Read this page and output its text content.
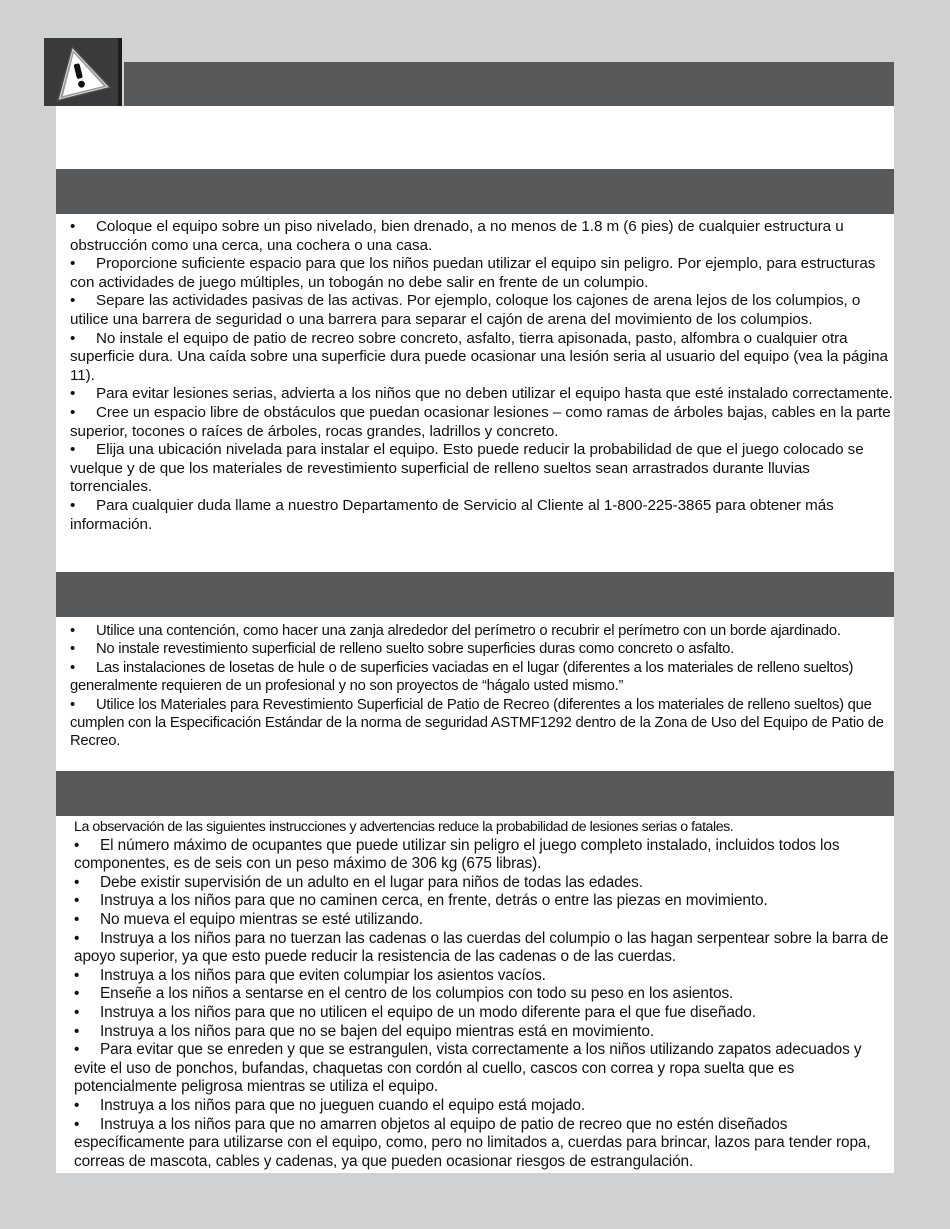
• Coloque el equipo sobre un piso nivelado, bien drenado, a no menos de 1.8 m (6 pies) de cualquier estructura u obstrucción como una cerca, una cochera o una casa.

• Proporcione suficiente espacio para que los niños puedan utilizar el equipo sin peligro. Por ejemplo, para estructuras con actividades de juego múltiples, un tobogán no debe salir en frente de un columpio.

• Separe las actividades pasivas de las activas. Por ejemplo, coloque los cajones de arena lejos de los columpios, o utilice una barrera de seguridad o una barrera para separar el cajón de arena del movimiento de los columpios.

• No instale el equipo de patio de recreo sobre concreto, asfalto, tierra apisonada, pasto, alfombra o cualquier otra superficie dura. Una caída sobre una superficie dura puede ocasionar una lesión seria al usuario del equipo (vea la página 11).

• Para evitar lesiones serias, advierta a los niños que no deben utilizar el equipo hasta que esté instalado correctamente.

• Cree un espacio libre de obstáculos que puedan ocasionar lesiones – como ramas de árboles bajas, cables en la parte superior, tocones o raíces de árboles, rocas grandes, ladrillos y concreto.

• Elija una ubicación nivelada para instalar el equipo. Esto puede reducir la probabilidad de que el juego colocado se vuelque y de que los materiales de revestimiento superficial de relleno sueltos sean arrastrados durante lluvias torrenciales.

• Para cualquier duda llame a nuestro Departamento de Servicio al Cliente al 1-800-225-3865 para obtener más información.

• Utilice una contención, como hacer una zanja alrededor del perímetro o recubrir el perímetro con un borde ajardinado.

• No instale revestimiento superficial de relleno suelto sobre superficies duras como concreto o asfalto.

• Las instalaciones de losetas de hule o de superficies vaciadas en el lugar (diferentes a los materiales de relleno sueltos) generalmente requieren de un profesional y no son proyectos de “hágalo usted mismo.”

• Utilice los Materiales para Revestimiento Superficial de Patio de Recreo (diferentes a los materiales de relleno sueltos) que cumplen con la Especificación Estándar de la norma de seguridad ASTMF1292 dentro de la Zona de Uso del Equipo de Patio de Recreo.

La observación de las siguientes instrucciones y advertencias reduce la probabilidad de lesiones serias o fatales.

• El número máximo de ocupantes que puede utilizar sin peligro el juego completo instalado, incluidos todos los componentes, es de seis con un peso máximo de 306 kg (675 libras).

• Debe existir supervisión de un adulto en el lugar para niños de todas las edades.

• Instruya a los niños para que no caminen cerca, en frente, detrás o entre las piezas en movimiento.

• No mueva el equipo mientras se esté utilizando.

• Instruya a los niños para no tuerzan las cadenas o las cuerdas del columpio o las hagan serpentear sobre la barra de apoyo superior, ya que esto puede reducir la resistencia de las cadenas o de las cuerdas.

• Instruya a los niños para que eviten columpiar los asientos vacíos.

• Enseñe a los niños a sentarse en el centro de los columpios con todo su peso en los asientos.

• Instruya a los niños para que no utilicen el equipo de un modo diferente para el que fue diseñado.

• Instruya a los niños para que no se bajen del equipo mientras está en movimiento.

• Para evitar que se enreden y que se estrangulen, vista correctamente a los niños utilizando zapatos adecuados y evite el uso de ponchos, bufandas, chaquetas con cordón al cuello, cascos con correa y ropa suelta que es potencialmente peligrosa mientras se utiliza el equipo.

• Instruya a los niños para que no jueguen cuando el equipo está mojado.

• Instruya a los niños para que no amarren objetos al equipo de patio de recreo que no estén diseñados específicamente para utilizarse con el equipo, como, pero no limitados a, cuerdas para brincar, lazos para tender ropa, correas de mascota, cables y cadenas, ya que pueden ocasionar riesgos de estrangulación.
